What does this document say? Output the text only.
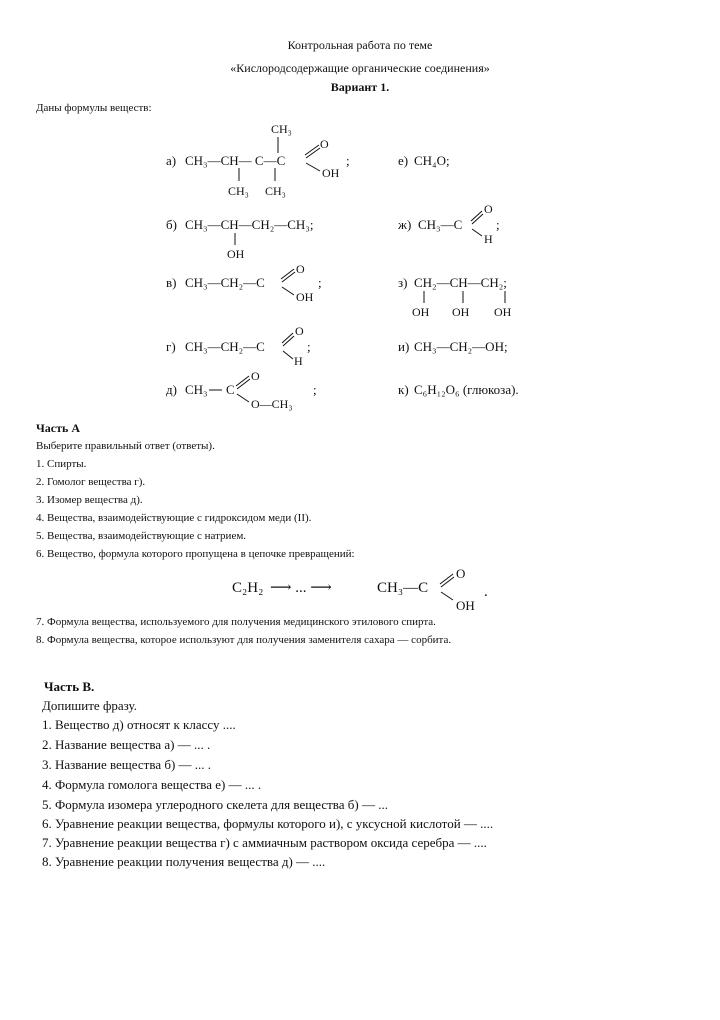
Контрольная работа по теме
«Кислородсодержащие органические соединения»
Вариант 1.
Даны формулы веществ:
а) CH₃—CH— C—C
CH₃
O
OH
;
CH₃ CH₃
б) CH₃—CH—CH₂—CH₃;
OH
в) CH₃—CH₂—C
O
OH
;
г) CH₃—CH₂—C
O
H
;
д) CH₃ C
O
O—CH₃
;
е) CH₄O;
ж) CH₃—C
O
H
;
з) CH₂—CH—CH₂;
OH OH OH
и) CH₃—CH₂—OH;
к) C₆H₁₂O₆ (глюкоза).
Часть А
Выберите правильный ответ (ответы).
1. Спирты.
2. Гомолог вещества г).
3. Изомер вещества д).
4. Вещества, взаимодействующие с гидроксидом меди (II).
5. Вещества, взаимодействующие с натрием.
6. Вещество, формула которого пропущена в цепочке превращений:
C₂H₂ ⟶ ... ⟶	CH₃—C
O
OH
.
7. Формула вещества, используемого для получения медицинского этилового спирта.
8. Формула вещества, которое используют для получения заменителя сахара — сорбита.
Часть В.
Допишите фразу.
1. Вещество д) относят к классу ....
2. Название вещества а) — ... .
3. Название вещества б) — ... .
4. Формула гомолога вещества е) — ... .
5. Формула изомера углеродного скелета для вещества б) — ...
6. Уравнение реакции вещества, формулы которого и), с уксусной кислотой — ....
7. Уравнение реакции вещества г) с аммиачным раствором оксида серебра — ....
8. Уравнение реакции получения вещества д) — ....
